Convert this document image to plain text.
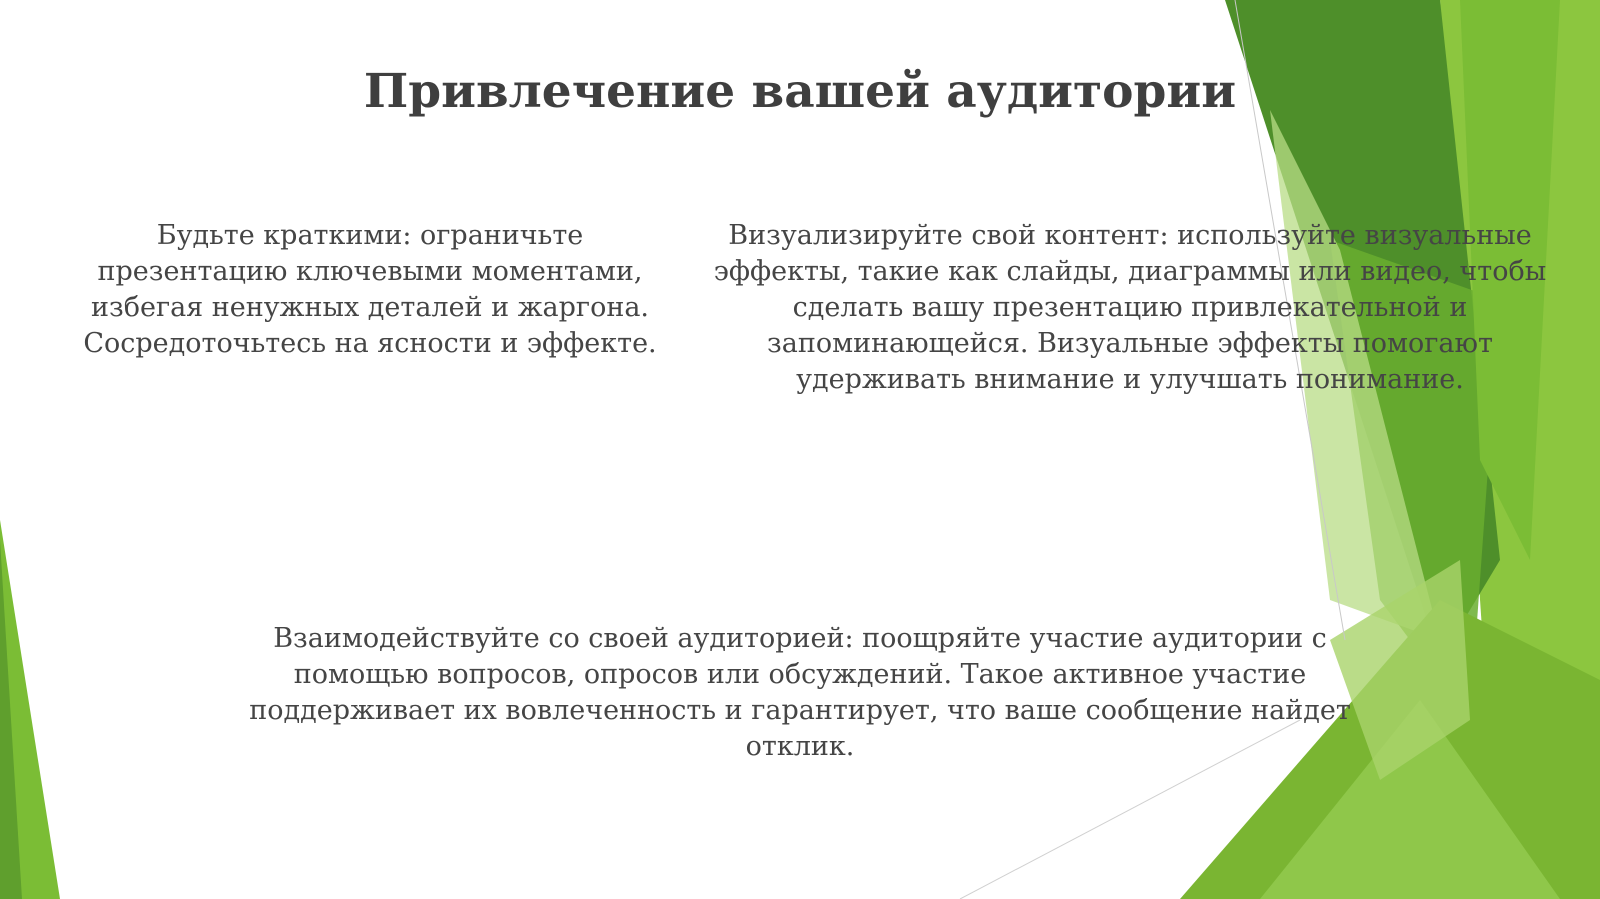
Привлечение вашей аудитории

Будьте краткими: ограничьте презентацию ключевыми моментами, избегая ненужных деталей и жаргона. Сосредоточьтесь на ясности и эффекте.

Визуализируйте свой контент: используйте визуальные эффекты, такие как слайды, диаграммы или видео, чтобы сделать вашу презентацию привлекательной и запоминающейся. Визуальные эффекты помогают удерживать внимание и улучшать понимание.

Взаимодействуйте со своей аудиторией: поощряйте участие аудитории с помощью вопросов, опросов или обсуждений. Такое активное участие поддерживает их вовлеченность и гарантирует, что ваше сообщение найдет отклик.
